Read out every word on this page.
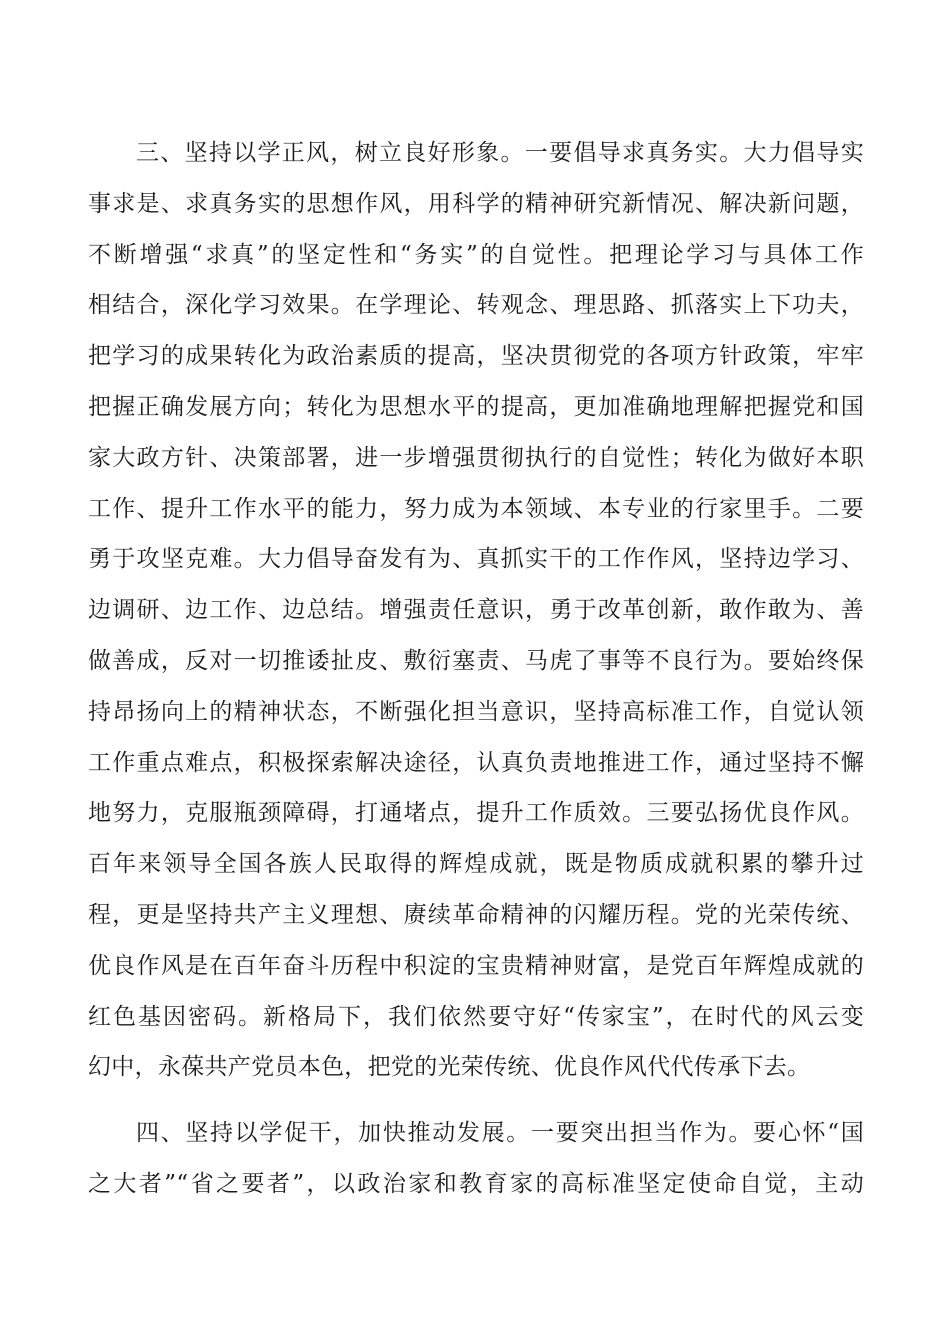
三、坚持以学正风，树立良好形象。一要倡导求真务实。大力倡导实
事求是、求真务实的思想作风，用科学的精神研究新情况、解决新问题，
不断增强“求真”的坚定性和“务实”的自觉性。把理论学习与具体工作
相结合，深化学习效果。在学理论、转观念、理思路、抓落实上下功夫，
把学习的成果转化为政治素质的提高，坚决贯彻党的各项方针政策，牢牢
把握正确发展方向；转化为思想水平的提高，更加准确地理解把握党和国
家大政方针、决策部署，进一步增强贯彻执行的自觉性；转化为做好本职
工作、提升工作水平的能力，努力成为本领域、本专业的行家里手。二要
勇于攻坚克难。大力倡导奋发有为、真抓实干的工作作风，坚持边学习、
边调研、边工作、边总结。增强责任意识，勇于改革创新，敢作敢为、善
做善成，反对一切推诿扯皮、敷衍塞责、马虎了事等不良行为。要始终保
持昂扬向上的精神状态，不断强化担当意识，坚持高标准工作，自觉认领
工作重点难点，积极探索解决途径，认真负责地推进工作，通过坚持不懈
地努力，克服瓶颈障碍，打通堵点，提升工作质效。三要弘扬优良作风。
百年来领导全国各族人民取得的辉煌成就，既是物质成就积累的攀升过
程，更是坚持共产主义理想、赓续革命精神的闪耀历程。党的光荣传统、
优良作风是在百年奋斗历程中积淀的宝贵精神财富，是党百年辉煌成就的
红色基因密码。新格局下，我们依然要守好“传家宝”，在时代的风云变
幻中，永葆共产党员本色，把党的光荣传统、优良作风代代传承下去。
四、坚持以学促干，加快推动发展。一要突出担当作为。要心怀“国
之大者”“省之要者”，以政治家和教育家的高标准坚定使命自觉，主动
